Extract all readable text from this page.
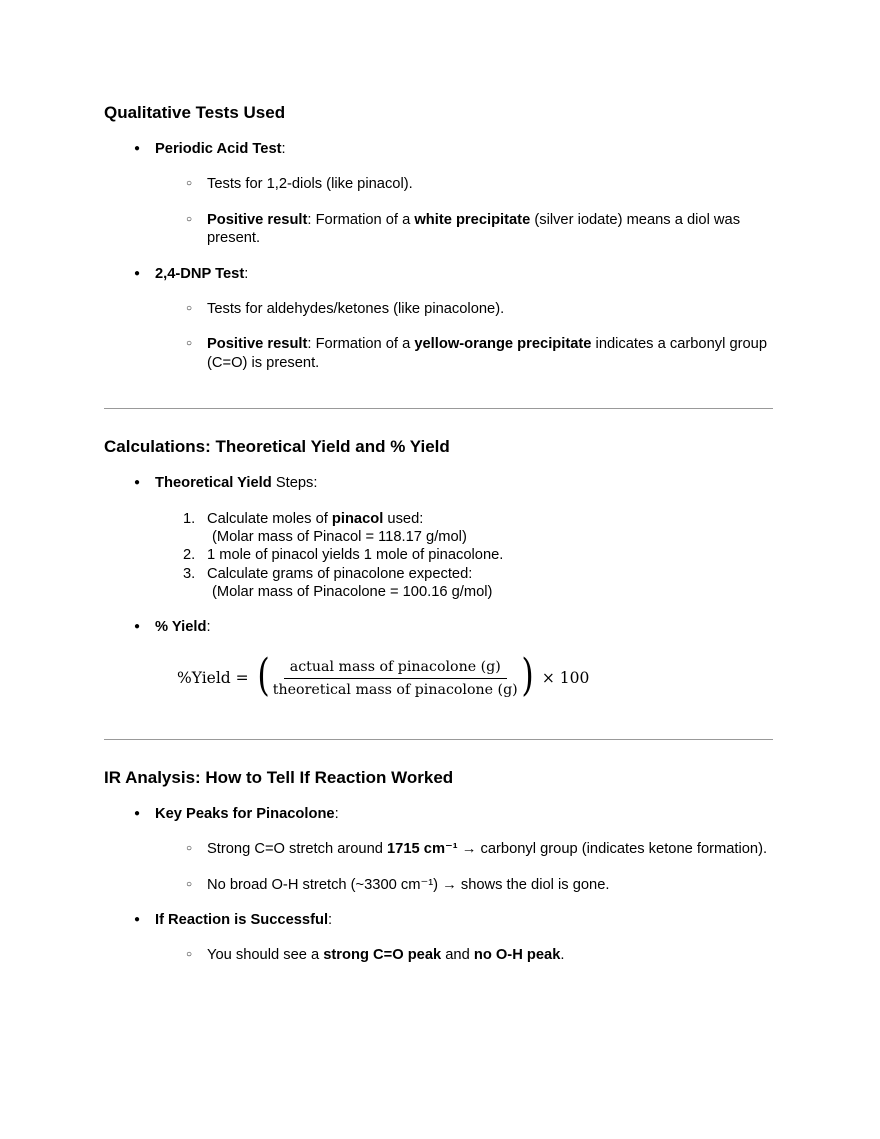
Qualitative Tests Used
●	Periodic Acid Test:
○	Tests for 1,2-diols (like pinacol).
○	Positive result: Formation of a white precipitate (silver iodate) means a diol was present.
●	2,4-DNP Test:
○	Tests for aldehydes/ketones (like pinacolone).
○	Positive result: Formation of a yellow-orange precipitate indicates a carbonyl group (C=O) is present.
Calculations: Theoretical Yield and % Yield
●	Theoretical Yield Steps:
1. Calculate moles of pinacol used:
(Molar mass of Pinacol = 118.17 g/mol)
2. 1 mole of pinacol yields 1 mole of pinacolone.
3. Calculate grams of pinacolone expected:
(Molar mass of Pinacolone = 100.16 g/mol)
●	% Yield:
%Yield = ( $\frac{\text{actual mass of pinacolone (g)}}{\text{theoretical mass of pinacolone (g)}}$ ) × 100
IR Analysis: How to Tell If Reaction Worked
●	Key Peaks for Pinacolone:
○	Strong C=O stretch around 1715 cm⁻¹ → carbonyl group (indicates ketone formation).
○	No broad O-H stretch (~3300 cm⁻¹) → shows the diol is gone.
●	If Reaction is Successful:
○	You should see a strong C=O peak and no O-H peak.
